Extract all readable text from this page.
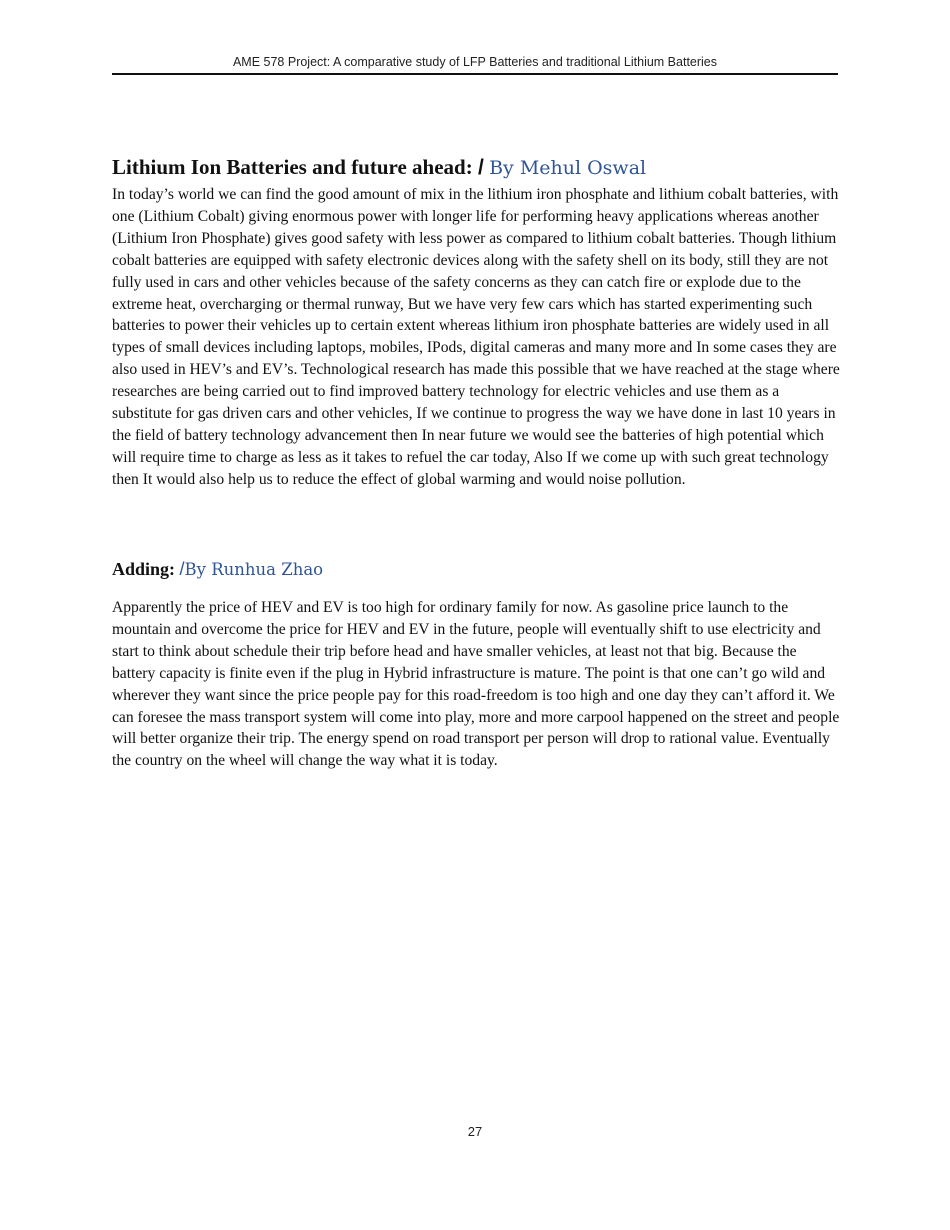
AME 578 Project: A comparative study of LFP Batteries and traditional Lithium Batteries
Lithium Ion Batteries and future ahead: / By Mehul Oswal

In today’s world we can find the good amount of mix in the lithium iron phosphate and lithium cobalt batteries, with one (Lithium Cobalt) giving enormous power with longer life for performing heavy applications whereas another (Lithium Iron Phosphate) gives good safety with less power as compared to lithium cobalt batteries. Though lithium cobalt batteries are equipped with safety electronic devices along with the safety shell on its body, still they are not fully used in cars and other vehicles because of the safety concerns as they can catch fire or explode due to the extreme heat, overcharging or thermal runway, But we have very few cars which has started experimenting such batteries to power their vehicles up to certain extent whereas lithium iron phosphate batteries are widely used in all types of small devices including laptops, mobiles, IPods, digital cameras and many more and In some cases they are also used in HEV’s and EV’s. Technological research has made this possible that we have reached at the stage where researches are being carried out to find improved battery technology for electric vehicles and use them as a substitute for gas driven cars and other vehicles, If we continue to progress the way we have done in last 10 years in the field of battery technology advancement then In near future we would see the batteries of high potential which will require time to charge as less as it takes to refuel the car today, Also If we come up with such great technology then It would also help us to reduce the effect of global warming and would noise pollution.

Adding: /By Runhua Zhao

Apparently the price of HEV and EV is too high for ordinary family for now. As gasoline price launch to the mountain and overcome the price for HEV and EV in the future, people will eventually shift to use electricity and start to think about schedule their trip before head and have smaller vehicles, at least not that big. Because the battery capacity is finite even if the plug in Hybrid infrastructure is mature. The point is that one can’t go wild and wherever they want since the price people pay for this road-freedom is too high and one day they can’t afford it. We can foresee the mass transport system will come into play, more and more carpool happened on the street and people will better organize their trip. The energy spend on road transport per person will drop to rational value. Eventually the country on the wheel will change the way what it is today.

27
